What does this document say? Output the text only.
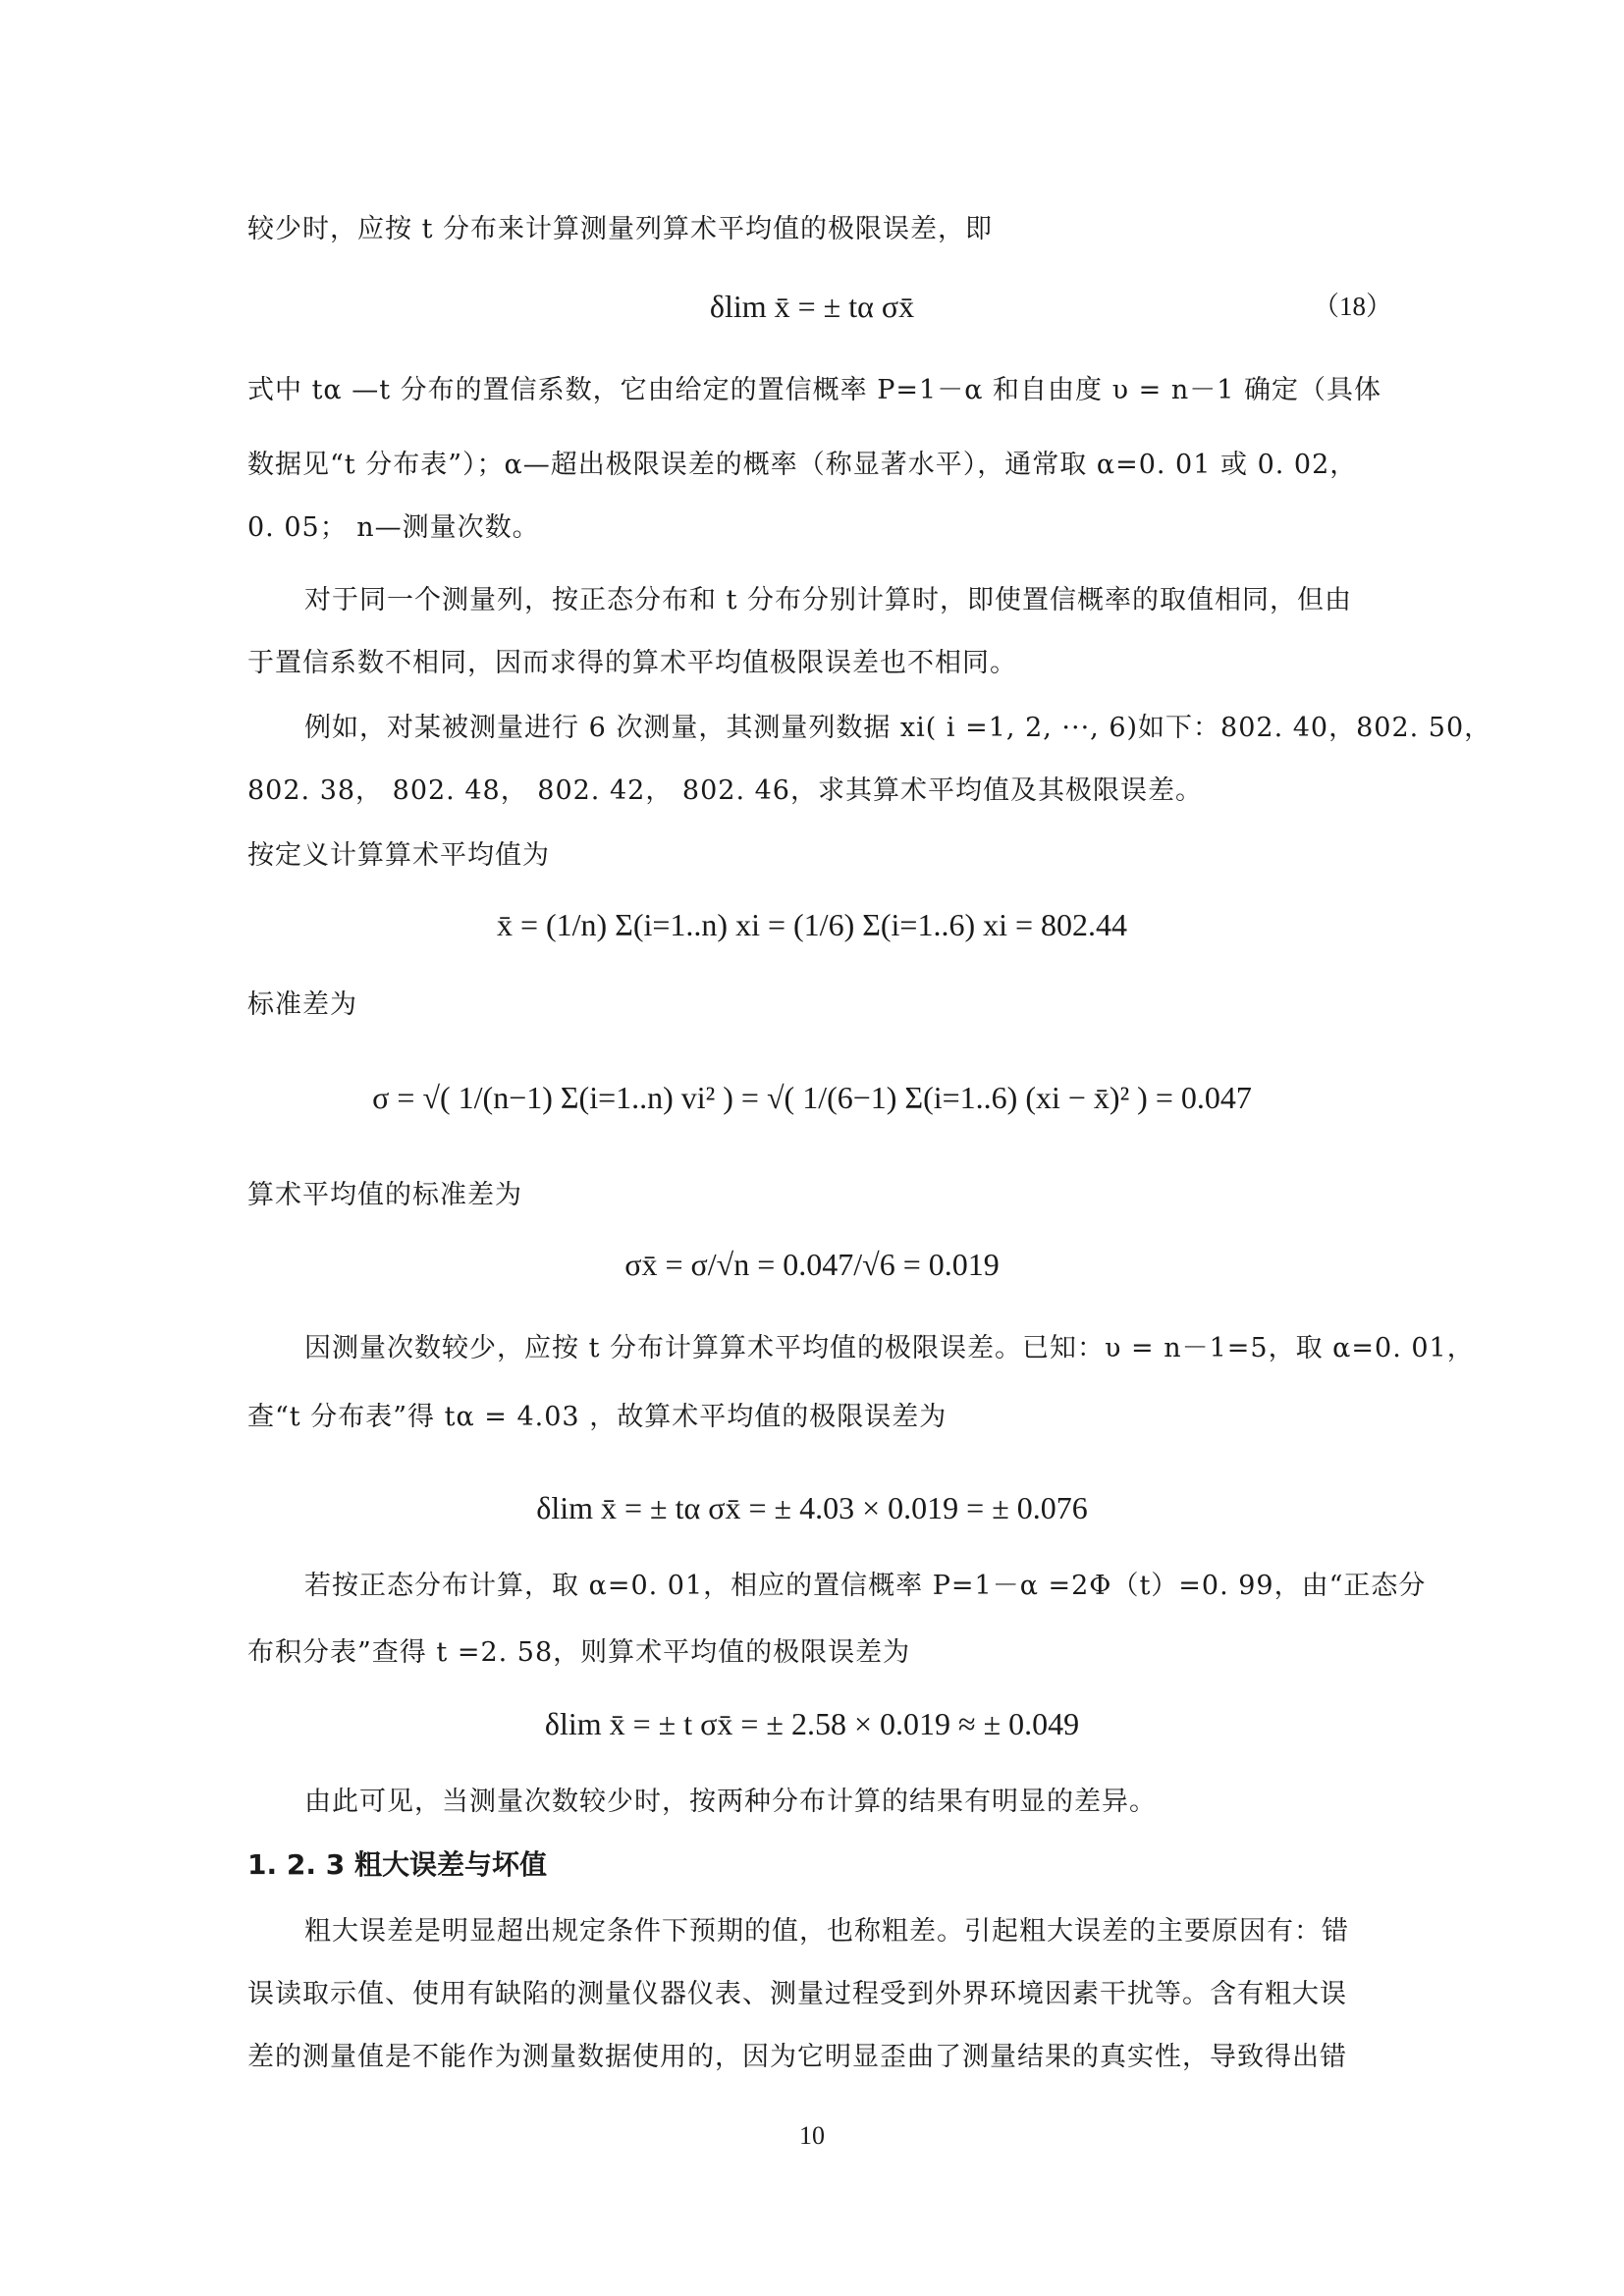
较少时，应按 t 分布来计算测量列算术平均值的极限误差，即
δlim x̄ = ± tα σx̄	（18）
式中 tα —t 分布的置信系数，它由给定的置信概率 P=1－α 和自由度 υ = n－1 确定（具体
数据见“t 分布表”）；α—超出极限误差的概率（称显著水平），通常取 α=0. 01 或 0. 02，
0. 05； n—测量次数。
对于同一个测量列，按正态分布和 t 分布分别计算时，即使置信概率的取值相同，但由
于置信系数不相同，因而求得的算术平均值极限误差也不相同。
例如，对某被测量进行 6 次测量，其测量列数据 xi( i =1, 2, ···, 6)如下：802. 40，802. 50，
802. 38， 802. 48， 802. 42， 802. 46，求其算术平均值及其极限误差。
按定义计算算术平均值为
x̄ = (1/n) Σ(i=1..n) xi = (1/6) Σ(i=1..6) xi = 802.44
标准差为
σ = √( 1/(n−1) Σ(i=1..n) vi² ) = √( 1/(6−1) Σ(i=1..6) (xi − x̄)² ) = 0.047
算术平均值的标准差为
σx̄ = σ/√n = 0.047/√6 = 0.019
因测量次数较少，应按 t 分布计算算术平均值的极限误差。已知：υ = n－1=5，取 α=0. 01，
查“t 分布表”得 tα = 4.03 ，故算术平均值的极限误差为
δlim x̄ = ± tα σx̄ = ± 4.03 × 0.019 = ± 0.076
若按正态分布计算，取 α=0. 01，相应的置信概率 P=1－α =2Φ（t）=0. 99，由“正态分
布积分表”查得 t =2. 58，则算术平均值的极限误差为
δlim x̄ = ± t σx̄ = ± 2.58 × 0.019 ≈ ± 0.049
由此可见，当测量次数较少时，按两种分布计算的结果有明显的差异。
1. 2. 3 粗大误差与坏值
粗大误差是明显超出规定条件下预期的值，也称粗差。引起粗大误差的主要原因有：错
误读取示值、使用有缺陷的测量仪器仪表、测量过程受到外界环境因素干扰等。含有粗大误
差的测量值是不能作为测量数据使用的，因为它明显歪曲了测量结果的真实性，导致得出错
10
